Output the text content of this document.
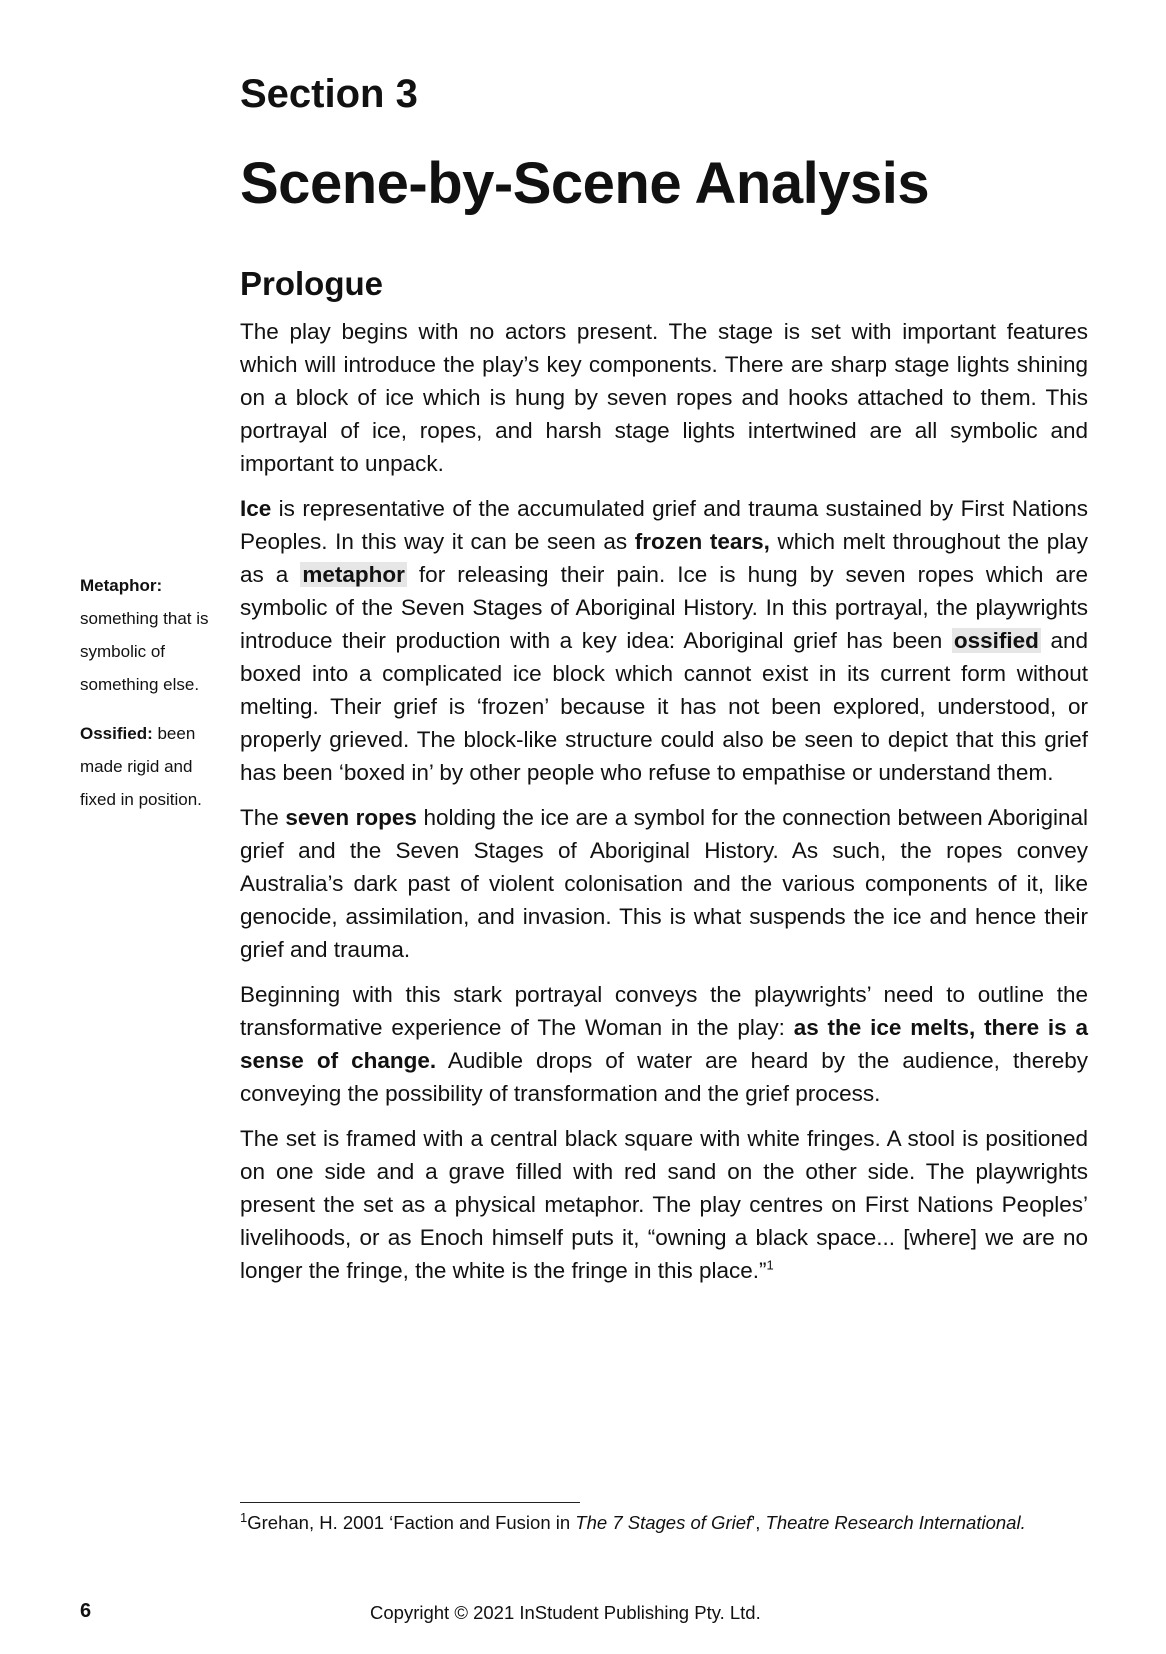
Section 3
Scene-by-Scene Analysis
Prologue

The play begins with no actors present. The stage is set with important features which will introduce the play’s key components. There are sharp stage lights shining on a block of ice which is hung by seven ropes and hooks attached to them. This portrayal of ice, ropes, and harsh stage lights intertwined are all symbolic and important to unpack.

Ice is representative of the accumulated grief and trauma sustained by First Nations Peoples. In this way it can be seen as frozen tears, which melt throughout the play as a metaphor for releasing their pain. Ice is hung by seven ropes which are symbolic of the Seven Stages of Aboriginal History. In this portrayal, the playwrights introduce their production with a key idea: Aboriginal grief has been ossified and boxed into a complicated ice block which cannot exist in its current form without melting. Their grief is ‘frozen’ because it has not been explored, understood, or properly grieved. The block-like structure could also be seen to depict that this grief has been ‘boxed in’ by other people who refuse to empathise or understand them.

The seven ropes holding the ice are a symbol for the connection between Aboriginal grief and the Seven Stages of Aboriginal History. As such, the ropes convey Australia’s dark past of violent colonisation and the various components of it, like genocide, assimilation, and invasion. This is what suspends the ice and hence their grief and trauma.

Beginning with this stark portrayal conveys the playwrights’ need to outline the transformative experience of The Woman in the play: as the ice melts, there is a sense of change. Audible drops of water are heard by the audience, thereby conveying the possibility of transformation and the grief process.

The set is framed with a central black square with white fringes. A stool is positioned on one side and a grave filled with red sand on the other side. The playwrights present the set as a physical metaphor. The play centres on First Nations Peoples’ livelihoods, or as Enoch himself puts it, “owning a black space... [where] we are no longer the fringe, the white is the fringe in this place.”$^1$

Metaphor: something that is symbolic of something else.
Ossified: been made rigid and fixed in position.
$^1$Grehan, H. 2001 ‘Faction and Fusion in The 7 Stages of Grief’, Theatre Research International.
6	Copyright © 2021 InStudent Publishing Pty. Ltd.
